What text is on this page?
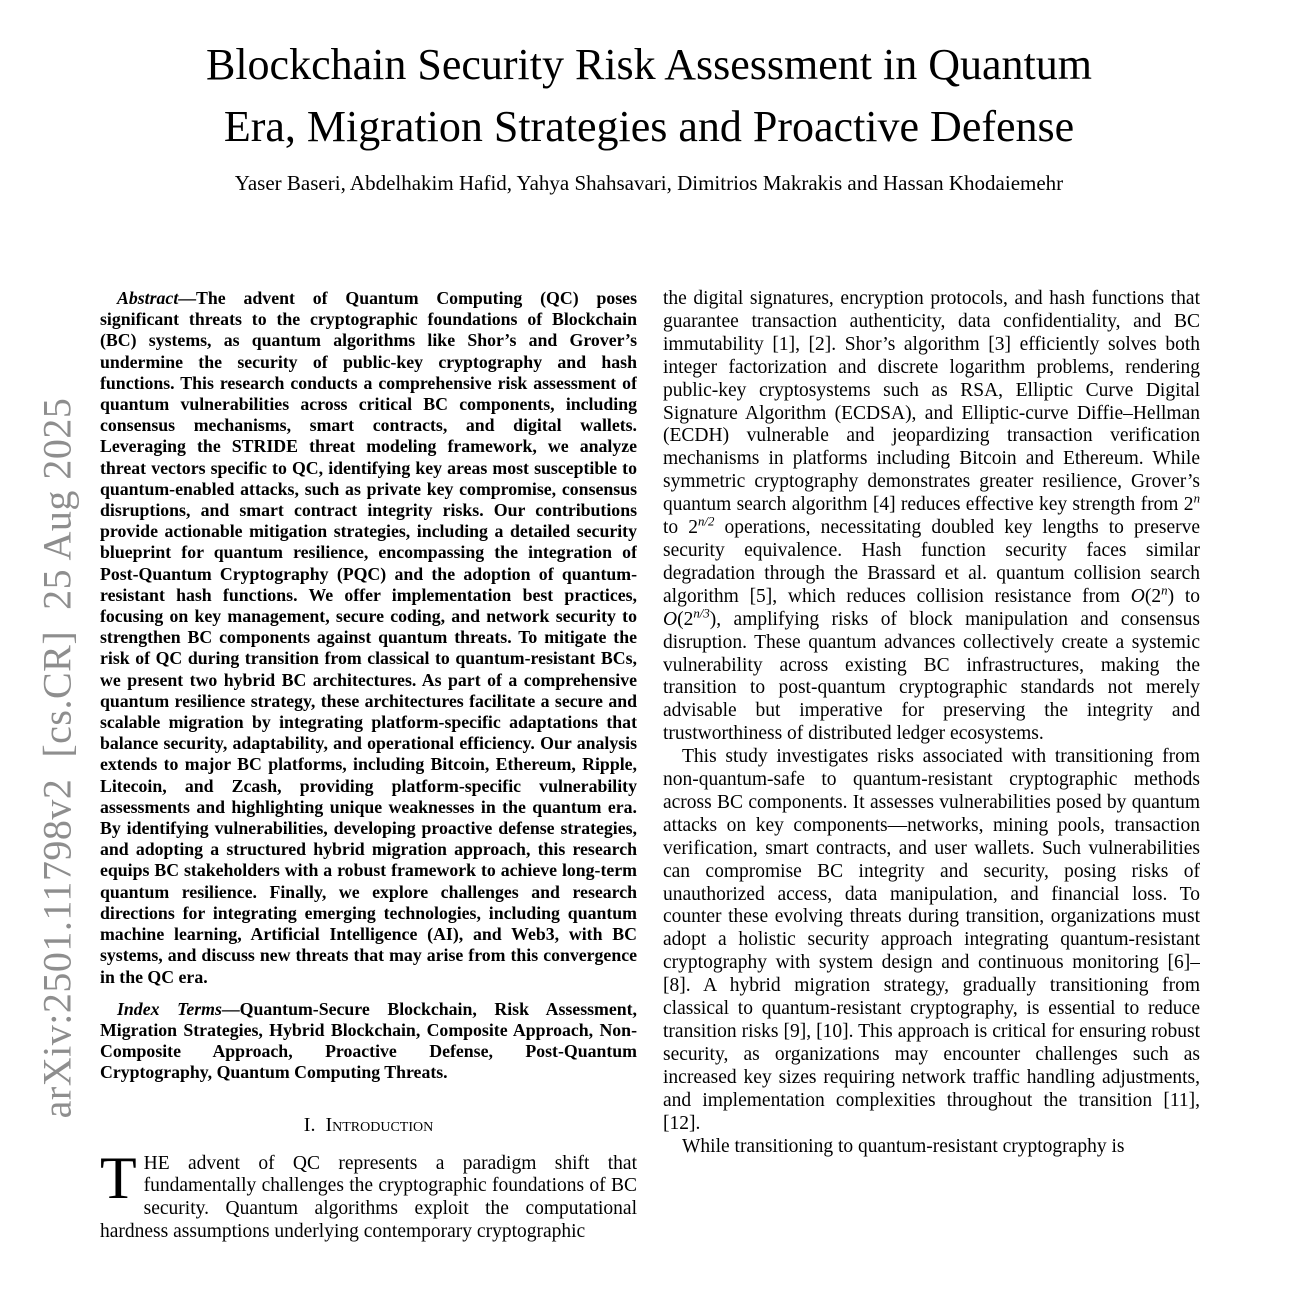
arXiv:2501.11798v2  [cs.CR]  25 Aug 2025
Blockchain Security Risk Assessment in Quantum
Era, Migration Strategies and Proactive Defense
Yaser Baseri, Abdelhakim Hafid, Yahya Shahsavari, Dimitrios Makrakis and Hassan Khodaiemehr

Abstract—The advent of Quantum Computing (QC) poses significant threats to the cryptographic foundations of Blockchain (BC) systems, as quantum algorithms like Shor’s and Grover’s undermine the security of public-key cryptography and hash functions. This research conducts a comprehensive risk assessment of quantum vulnerabilities across critical BC components, including consensus mechanisms, smart contracts, and digital wallets. Leveraging the STRIDE threat modeling framework, we analyze threat vectors specific to QC, identifying key areas most susceptible to quantum-enabled attacks, such as private key compromise, consensus disruptions, and smart contract integrity risks. Our contributions provide actionable mitigation strategies, including a detailed security blueprint for quantum resilience, encompassing the integration of Post-Quantum Cryptography (PQC) and the adoption of quantum-resistant hash functions. We offer implementation best practices, focusing on key management, secure coding, and network security to strengthen BC components against quantum threats. To mitigate the risk of QC during transition from classical to quantum-resistant BCs, we present two hybrid BC architectures. As part of a comprehensive quantum resilience strategy, these architectures facilitate a secure and scalable migration by integrating platform-specific adaptations that balance security, adaptability, and operational efficiency. Our analysis extends to major BC platforms, including Bitcoin, Ethereum, Ripple, Litecoin, and Zcash, providing platform-specific vulnerability assessments and highlighting unique weaknesses in the quantum era. By identifying vulnerabilities, developing proactive defense strategies, and adopting a structured hybrid migration approach, this research equips BC stakeholders with a robust framework to achieve long-term quantum resilience. Finally, we explore challenges and research directions for integrating emerging technologies, including quantum machine learning, Artificial Intelligence (AI), and Web3, with BC systems, and discuss new threats that may arise from this convergence in the QC era.

Index Terms—Quantum-Secure Blockchain, Risk Assessment, Migration Strategies, Hybrid Blockchain, Composite Approach, Non-Composite Approach, Proactive Defense, Post-Quantum Cryptography, Quantum Computing Threats.

I. Introduction

THE advent of QC represents a paradigm shift that fundamentally challenges the cryptographic foundations of BC security. Quantum algorithms exploit the computational hardness assumptions underlying contemporary cryptographic

the digital signatures, encryption protocols, and hash functions that guarantee transaction authenticity, data confidentiality, and BC immutability [1], [2]. Shor’s algorithm [3] efficiently solves both integer factorization and discrete logarithm problems, rendering public-key cryptosystems such as RSA, Elliptic Curve Digital Signature Algorithm (ECDSA), and Elliptic-curve Diffie–Hellman (ECDH) vulnerable and jeopardizing transaction verification mechanisms in platforms including Bitcoin and Ethereum. While symmetric cryptography demonstrates greater resilience, Grover’s quantum search algorithm [4] reduces effective key strength from 2$^n$ to $2^{n/2}$ operations, necessitating doubled key lengths to preserve security equivalence. Hash function security faces similar degradation through the Brassard et al. quantum collision search algorithm [5], which reduces collision resistance from O(2$^n$) to $O(2^{n/3})$, amplifying risks of block manipulation and consensus disruption. These quantum advances collectively create a systemic vulnerability across existing BC infrastructures, making the transition to post-quantum cryptographic standards not merely advisable but imperative for preserving the integrity and trustworthiness of distributed ledger ecosystems.

This study investigates risks associated with transitioning from non-quantum-safe to quantum-resistant cryptographic methods across BC components. It assesses vulnerabilities posed by quantum attacks on key components—networks, mining pools, transaction verification, smart contracts, and user wallets. Such vulnerabilities can compromise BC integrity and security, posing risks of unauthorized access, data manipulation, and financial loss. To counter these evolving threats during transition, organizations must adopt a holistic security approach integrating quantum-resistant cryptography with system design and continuous monitoring [6]–[8]. A hybrid migration strategy, gradually transitioning from classical to quantum-resistant cryptography, is essential to reduce transition risks [9], [10]. This approach is critical for ensuring robust security, as organizations may encounter challenges such as increased key sizes requiring network traffic handling adjustments, and implementation complexities throughout the transition [11], [12].

While transitioning to quantum-resistant cryptography is
